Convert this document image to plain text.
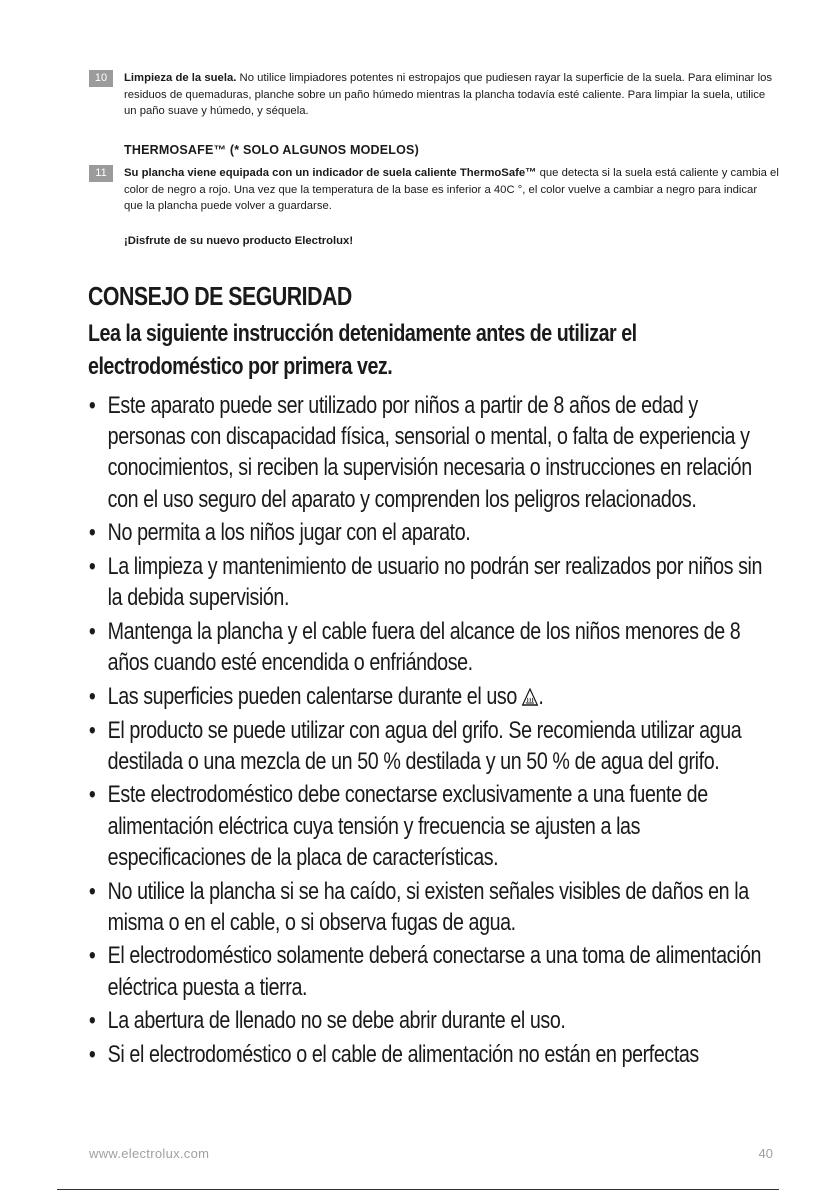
10	Limpieza de la suela. No utilice limpiadores potentes ni estropajos que pudiesen rayar la superficie de la suela. Para eliminar los residuos de quemaduras, planche sobre un paño húmedo mientras la plancha todavía esté caliente. Para limpiar la suela, utilice un paño suave y húmedo, y séquela.
THERMOSAFE™ (* SOLO ALGUNOS MODELOS)
11	Su plancha viene equipada con un indicador de suela caliente ThermoSafe™ que detecta si la suela está caliente y cambia el color de negro a rojo. Una vez que la temperatura de la base es inferior a 40C °, el color vuelve a cambiar a negro para indicar que la plancha puede volver a guardarse.
¡Disfrute de su nuevo producto Electrolux!
CONSEJO DE SEGURIDAD
Lea la siguiente instrucción detenidamente antes de utilizar el electrodoméstico por primera vez.
• Este aparato puede ser utilizado por niños a partir de 8 años de edad y personas con discapacidad física, sensorial o mental, o falta de experiencia y conocimientos, si reciben la supervisión necesaria o instrucciones en relación con el uso seguro del aparato y comprenden los peligros relacionados.
• No permita a los niños jugar con el aparato.
• La limpieza y mantenimiento de usuario no podrán ser realizados por niños sin la debida supervisión.
• Mantenga la plancha y el cable fuera del alcance de los niños menores de 8 años cuando esté encendida o enfriándose.
• Las superficies pueden calentarse durante el uso .
• El producto se puede utilizar con agua del grifo. Se recomienda utilizar agua destilada o una mezcla de un 50 % destilada y un 50 % de agua del grifo.
• Este electrodoméstico debe conectarse exclusivamente a una fuente de alimentación eléctrica cuya tensión y frecuencia se ajusten a las especificaciones de la placa de características.
• No utilice la plancha si se ha caído, si existen señales visibles de daños en la misma o en el cable, o si observa fugas de agua.
• El electrodoméstico solamente deberá conectarse a una toma de alimentación eléctrica puesta a tierra.
• La abertura de llenado no se debe abrir durante el uso.
• Si el electrodoméstico o el cable de alimentación no están en perfectas
www.electrolux.com	40
